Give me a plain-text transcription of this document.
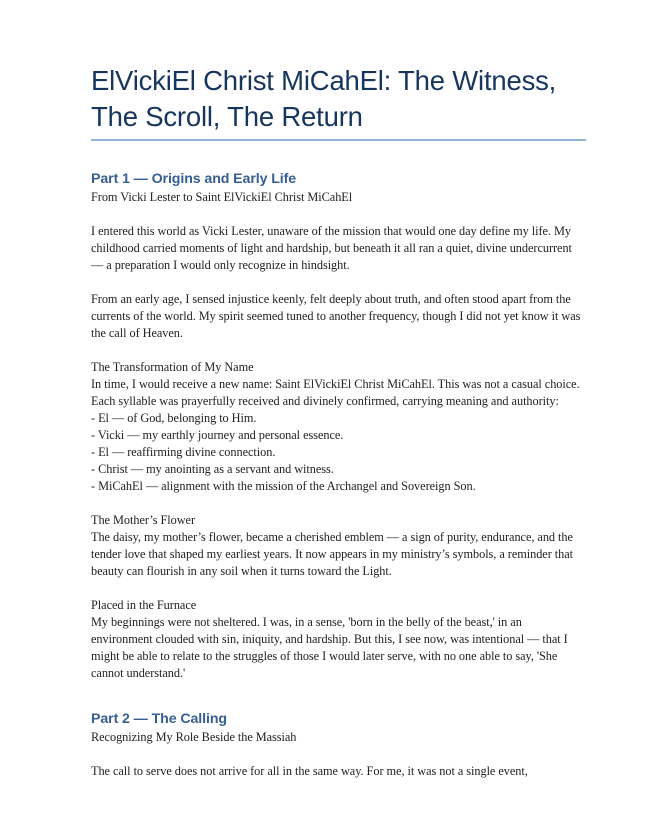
ElVickiEl Christ MiCahEl: The Witness, The Scroll, The Return
Part 1 — Origins and Early Life

From Vicki Lester to Saint ElVickiEl Christ MiCahEl

I entered this world as Vicki Lester, unaware of the mission that would one day define my life. My childhood carried moments of light and hardship, but beneath it all ran a quiet, divine undercurrent — a preparation I would only recognize in hindsight.

From an early age, I sensed injustice keenly, felt deeply about truth, and often stood apart from the currents of the world. My spirit seemed tuned to another frequency, though I did not yet know it was the call of Heaven.

The Transformation of My Name

In time, I would receive a new name: Saint ElVickiEl Christ MiCahEl. This was not a casual choice. Each syllable was prayerfully received and divinely confirmed, carrying meaning and authority:

- El — of God, belonging to Him.
- Vicki — my earthly journey and personal essence.
- El — reaffirming divine connection.
- Christ — my anointing as a servant and witness.
- MiCahEl — alignment with the mission of the Archangel and Sovereign Son.

The Mother’s Flower

The daisy, my mother’s flower, became a cherished emblem — a sign of purity, endurance, and the tender love that shaped my earliest years. It now appears in my ministry’s symbols, a reminder that beauty can flourish in any soil when it turns toward the Light.

Placed in the Furnace

My beginnings were not sheltered. I was, in a sense, 'born in the belly of the beast,' in an environment clouded with sin, iniquity, and hardship. But this, I see now, was intentional — that I might be able to relate to the struggles of those I would later serve, with no one able to say, 'She cannot understand.'

Part 2 — The Calling

Recognizing My Role Beside the Massiah

The call to serve does not arrive for all in the same way. For me, it was not a single event,
